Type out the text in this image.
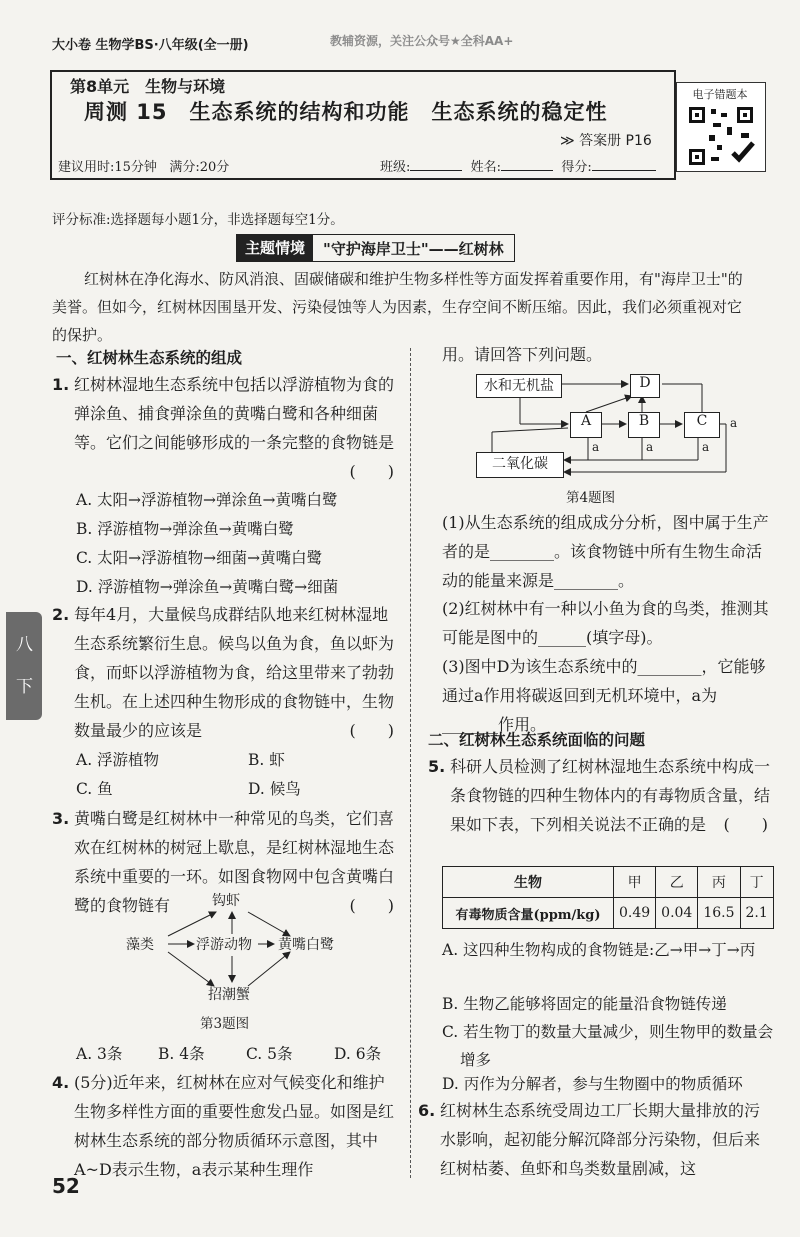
大小卷 生物学BS·八年级(全一册)	教辅资源，关注公众号★全科AA+
第8单元　生物与环境
周测 15　生态系统的结构和功能　生态系统的稳定性
≫ 答案册 P16
建议用时:15分钟 满分:20分	班级:	姓名:	得分:
电子错题本
评分标准:选择题每小题1分，非选择题每空1分。
主题情境	"守护海岸卫士"——红树林
红树林在净化海水、防风消浪、固碳储碳和维护生物多样性等方面发挥着重要作用，有"海岸卫士"的美誉。但如今，红树林因围垦开发、污染侵蚀等人为因素，生存空间不断压缩。因此，我们必须重视对它的保护。
八
下
一、红树林生态系统的组成
1. 红树林湿地生态系统中包括以浮游植物为食的弹涂鱼、捕食弹涂鱼的黄嘴白鹭和各种细菌等。它们之间能够形成的一条完整的食物链是
(　　)
A. 太阳→浮游植物→弹涂鱼→黄嘴白鹭
B. 浮游植物→弹涂鱼→黄嘴白鹭
C. 太阳→浮游植物→细菌→黄嘴白鹭
D. 浮游植物→弹涂鱼→黄嘴白鹭→细菌
2. 每年4月，大量候鸟成群结队地来红树林湿地生态系统繁衍生息。候鸟以鱼为食，鱼以虾为食，而虾以浮游植物为食，给这里带来了勃勃生机。在上述四种生物形成的食物链中，生物数量最少的应该是	(　　)
A. 浮游植物	B. 虾
C. 鱼	D. 候鸟
3. 黄嘴白鹭是红树林中一种常见的鸟类，它们喜欢在红树林的树冠上歇息，是红树林湿地生态系统中重要的一环。如图食物网中包含黄嘴白鹭的食物链有	(　　)
钩虾
藻类	浮游动物 黄嘴白鹭
招潮蟹
第3题图
A. 3条 B. 4条	C. 5条	D. 6条
4. (5分)近年来，红树林在应对气候变化和维护生物多样性方面的重要性愈发凸显。如图是红树林生态系统的部分物质循环示意图，其中A~D表示生物，a表示某种生理作
52
用。请回答下列问题。
水和无机盐	D
A	B	C
二氧化碳
a	a	a
a
第4题图
(1)从生态系统的组成成分分析，图中属于生产者的是________。该食物链中所有生物生命活动的能量来源是________。
(2)红树林中有一种以小鱼为食的鸟类，推测其可能是图中的______(填字母)。
(3)图中D为该生态系统中的________，它能够通过a作用将碳返回到无机环境中，a为_______作用。
二、红树林生态系统面临的问题
5. 科研人员检测了红树林湿地生态系统中构成一条食物链的四种生物体内的有毒物质含量，结果如下表，下列相关说法不正确的是 (　　)
生物	甲	乙	丙	丁
有毒物质含量(ppm/kg)	0.49	0.04	16.5	2.1
A. 这四种生物构成的食物链是:乙→甲→丁→丙
B. 生物乙能够将固定的能量沿食物链传递
C. 若生物丁的数量大量减少，则生物甲的数量会增多
D. 丙作为分解者，参与生物圈中的物质循环
6. 红树林生态系统受周边工厂长期大量排放的污水影响，起初能分解沉降部分污染物，但后来红树枯萎、鱼虾和鸟类数量剧减，这
